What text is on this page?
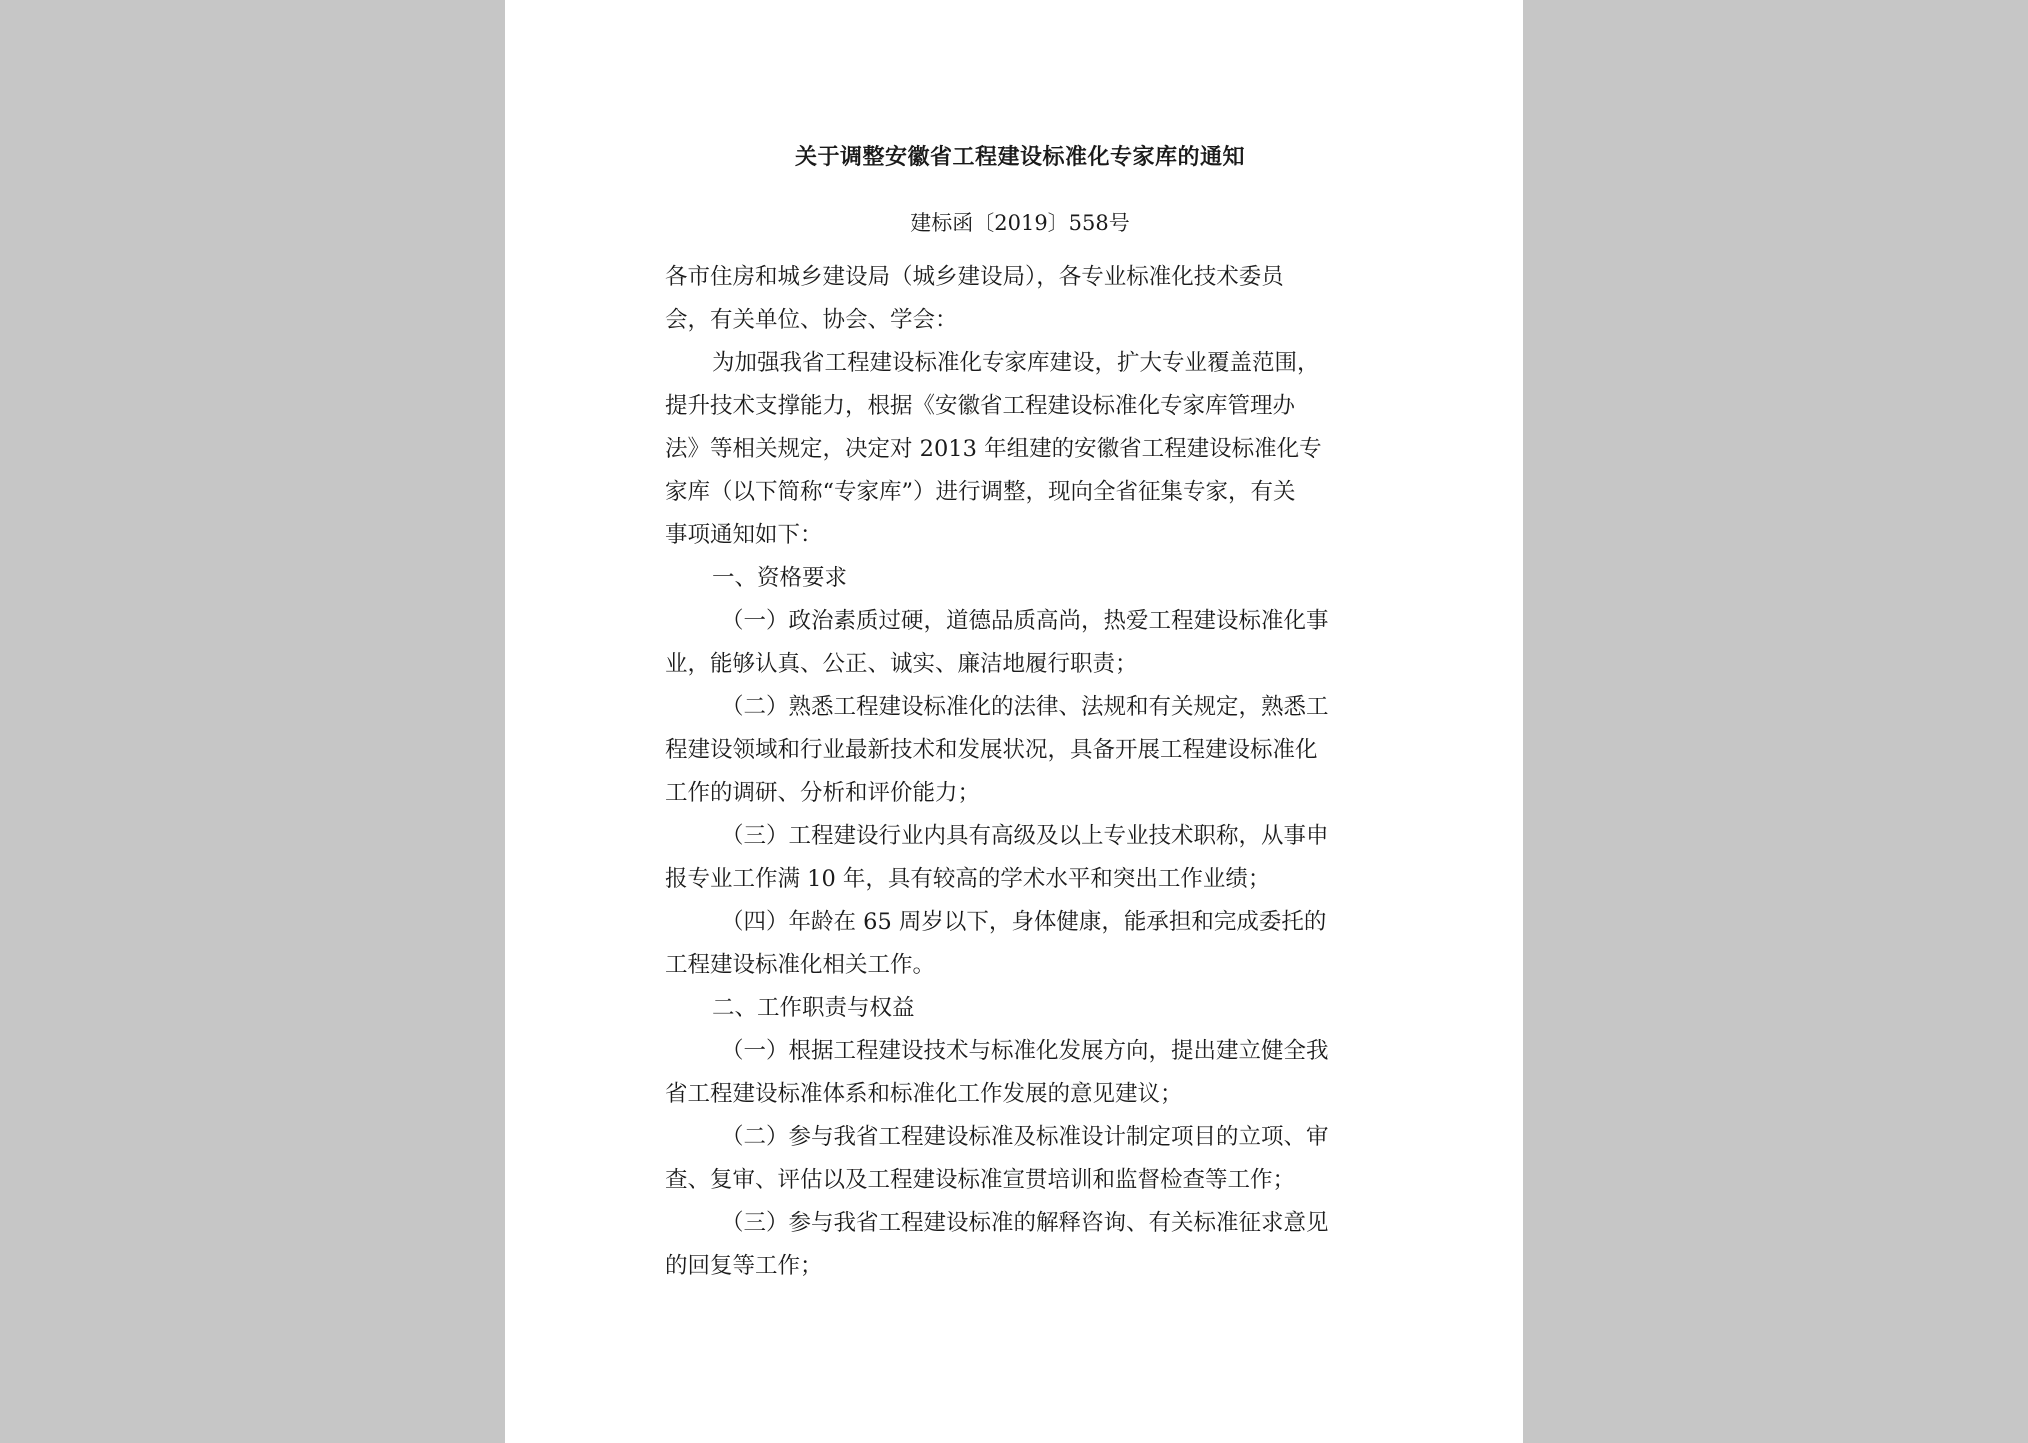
关于调整安徽省工程建设标准化专家库的通知
建标函〔2019〕558号
各市住房和城乡建设局（城乡建设局），各专业标准化技术委员
会，有关单位、协会、学会：
为加强我省工程建设标准化专家库建设，扩大专业覆盖范围，
提升技术支撑能力，根据《安徽省工程建设标准化专家库管理办
法》等相关规定，决定对 2013 年组建的安徽省工程建设标准化专
家库（以下简称“专家库”）进行调整，现向全省征集专家，有关
事项通知如下：
一、资格要求
（一）政治素质过硬，道德品质高尚，热爱工程建设标准化事
业，能够认真、公正、诚实、廉洁地履行职责；
（二）熟悉工程建设标准化的法律、法规和有关规定，熟悉工
程建设领域和行业最新技术和发展状况，具备开展工程建设标准化
工作的调研、分析和评价能力；
（三）工程建设行业内具有高级及以上专业技术职称，从事申
报专业工作满 10 年，具有较高的学术水平和突出工作业绩；
（四）年龄在 65 周岁以下，身体健康，能承担和完成委托的
工程建设标准化相关工作。
二、工作职责与权益
（一）根据工程建设技术与标准化发展方向，提出建立健全我
省工程建设标准体系和标准化工作发展的意见建议；
（二）参与我省工程建设标准及标准设计制定项目的立项、审
查、复审、评估以及工程建设标准宣贯培训和监督检查等工作；
（三）参与我省工程建设标准的解释咨询、有关标准征求意见
的回复等工作；
